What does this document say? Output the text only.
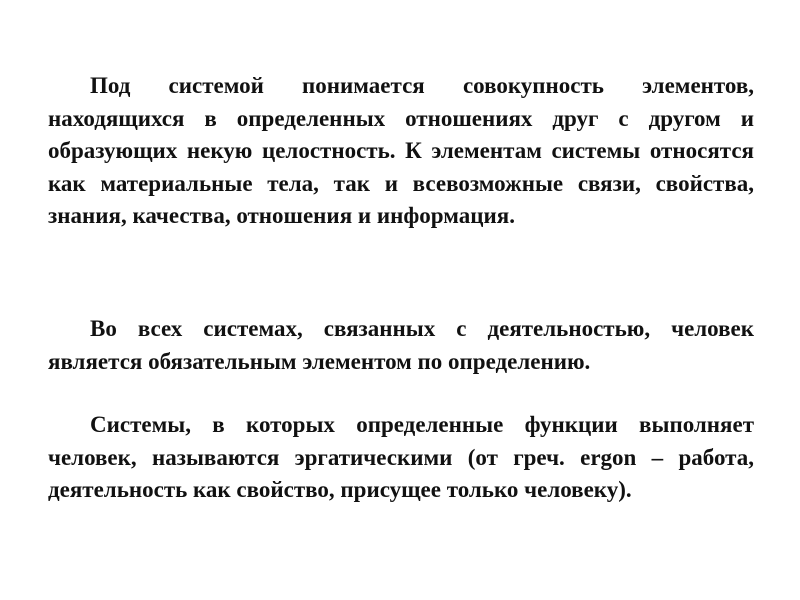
Под системой понимается совокупность элементов, находящихся в определенных отношениях друг с другом и образующих некую целостность. К элементам системы относятся как материальные тела, так и всевозможные связи, свойства, знания, качества, отношения и информация.

Во всех системах, связанных с деятельностью, человек является обязательным элементом по определению.

Системы, в которых определенные функции выполняет человек, называются эргатическими (от греч. ergon – работа, деятельность как свойство, присущее только человеку).
